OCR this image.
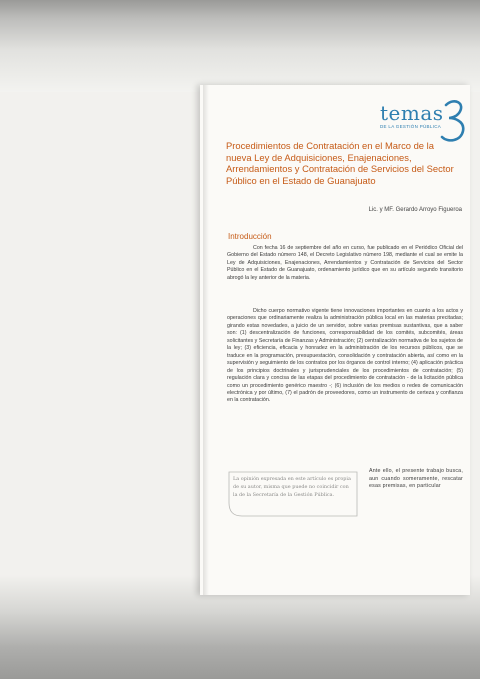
temas
DE LA GESTIÓN PÚBLICA
Procedimientos de Contratación en el Marco de la nueva Ley de Adquisiciones, Enajenaciones, Arrendamientos y Contratación de Servicios del Sector Público en el Estado de Guanajuato
Lic. y MF. Gerardo Arroyo Figueroa
Introducción

Con fecha 16 de septiembre del año en curso, fue publicado en el Periódico Oficial del Gobierno del Estado número 148, el Decreto Legislativo número 198, mediante el cual se emite la Ley de Adquisiciones, Enajenaciones, Arrendamientos y Contratación de Servicios del Sector Público en el Estado de Guanajuato, ordenamiento jurídico que en su artículo segundo transitorio abrogó la ley anterior de la materia.

Dicho cuerpo normativo vigente tiene innovaciones importantes en cuanto a los actos y operaciones que ordinariamente realiza la administración pública local en las materias precitadas; girando estas novedades, a juicio de un servidor, sobre varias premisas sustantivas, que a saber son: (1) descentralización de funciones, corresponsabilidad de los comités, subcomités, áreas solicitantes y Secretaría de Finanzas y Administración; (2) centralización normativa de los sujetos de la ley; (3) eficiencia, eficacia y honradez en la administración de los recursos públicos, que se traduce en la programación, presupuestación, consolidación y contratación abierta, así como en la supervisión y seguimiento de los contratos por los órganos de control interno; (4) aplicación práctica de los principios doctrinales y jurisprudenciales de los procedimientos de contratación; (5) regulación clara y concisa de las etapas del procedimiento de contratación - de la licitación pública como un procedimiento genérico maestro -; (6) inclusión de los medios o redes de comunicación electrónica y por último, (7) el padrón de proveedores, como un instrumento de certeza y confianza en la contratación.

La opinión expresada en este artículo es propia de su autor, misma que puede no coincidir con la de la Secretaría de la Gestión Pública.

Ante ello, el presente trabajo busca, aun cuando someramente, rescatar esas premisas, en particular
